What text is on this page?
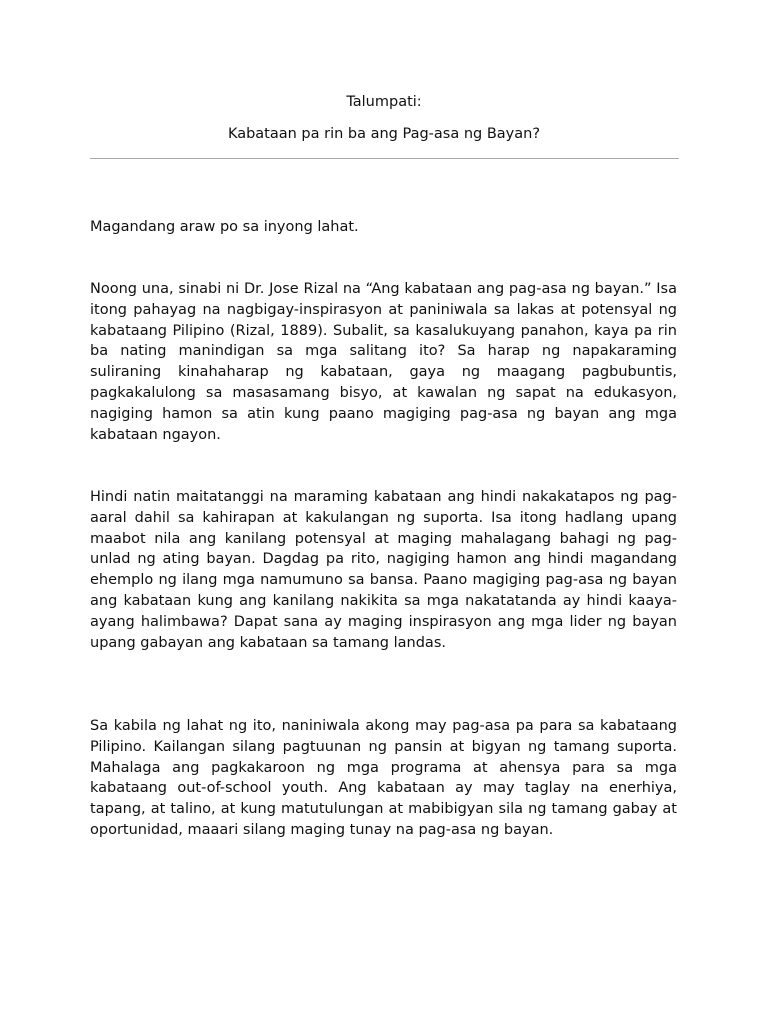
Talumpati:
Kabataan pa rin ba ang Pag-asa ng Bayan?

Magandang araw po sa inyong lahat.

Noong una, sinabi ni Dr. Jose Rizal na “Ang kabataan ang pag-asa ng bayan.” Isa itong pahayag na nagbigay-inspirasyon at paniniwala sa lakas at potensyal ng kabataang Pilipino (Rizal, 1889). Subalit, sa kasalukuyang panahon, kaya pa rin ba nating manindigan sa mga salitang ito? Sa harap ng napakaraming suliraning kinahaharap ng kabataan, gaya ng maagang pagbubuntis, pagkakalulong sa masasamang bisyo, at kawalan ng sapat na edukasyon, nagiging hamon sa atin kung paano magiging pag-asa ng bayan ang mga kabataan ngayon.

Hindi natin maitatanggi na maraming kabataan ang hindi nakakatapos ng pag-aaral dahil sa kahirapan at kakulangan ng suporta. Isa itong hadlang upang maabot nila ang kanilang potensyal at maging mahalagang bahagi ng pag-unlad ng ating bayan. Dagdag pa rito, nagiging hamon ang hindi magandang ehemplo ng ilang mga namumuno sa bansa. Paano magiging pag-asa ng bayan ang kabataan kung ang kanilang nakikita sa mga nakatatanda ay hindi kaaya-ayang halimbawa? Dapat sana ay maging inspirasyon ang mga lider ng bayan upang gabayan ang kabataan sa tamang landas.

Sa kabila ng lahat ng ito, naniniwala akong may pag-asa pa para sa kabataang Pilipino. Kailangan silang pagtuunan ng pansin at bigyan ng tamang suporta. Mahalaga ang pagkakaroon ng mga programa at ahensya para sa mga kabataang out-of-school youth. Ang kabataan ay may taglay na enerhiya, tapang, at talino, at kung matutulungan at mabibigyan sila ng tamang gabay at oportunidad, maaari silang maging tunay na pag-asa ng bayan.
